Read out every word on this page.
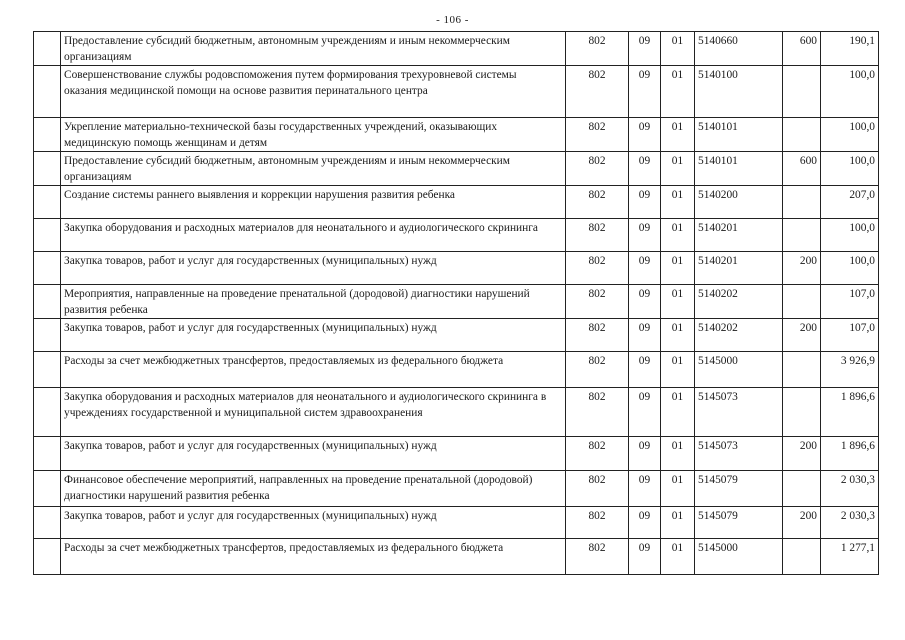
- 106 -
	Предоставление субсидий бюджетным, автономным учреждениям и иным некоммерческим организациям	802	09	01	5140660	600	190,1
	Совершенствование службы родовспоможения путем формирования трехуровневой системы оказания медицинской помощи на основе развития перинатального центра	802	09	01	5140100		100,0
	Укрепление материально-технической базы государственных учреждений, оказывающих медицинскую помощь женщинам и детям	802	09	01	5140101		100,0
	Предоставление субсидий бюджетным, автономным учреждениям и иным некоммерческим организациям	802	09	01	5140101	600	100,0
	Создание системы раннего выявления и коррекции нарушения развития ребенка	802	09	01	5140200		207,0
	Закупка оборудования и расходных материалов для неонатального и аудиологического скрининга	802	09	01	5140201		100,0
	Закупка товаров, работ и услуг для государственных (муниципальных) нужд	802	09	01	5140201	200	100,0
	Мероприятия, направленные на проведение пренатальной (дородовой) диагностики нарушений развития ребенка	802	09	01	5140202		107,0
	Закупка товаров, работ и услуг для государственных (муниципальных) нужд	802	09	01	5140202	200	107,0
	Расходы за счет межбюджетных трансфертов, предоставляемых из федерального бюджета	802	09	01	5145000		3 926,9
	Закупка оборудования и расходных материалов для неонатального и аудиологического скрининга в учреждениях государственной и муниципальной систем здравоохранения	802	09	01	5145073		1 896,6
	Закупка товаров, работ и услуг для государственных (муниципальных) нужд	802	09	01	5145073	200	1 896,6
	Финансовое обеспечение мероприятий, направленных на проведение пренатальной (дородовой) диагностики нарушений развития ребенка	802	09	01	5145079		2 030,3
	Закупка товаров, работ и услуг для государственных (муниципальных) нужд	802	09	01	5145079	200	2 030,3
	Расходы за счет межбюджетных трансфертов, предоставляемых из федерального бюджета	802	09	01	5145000		1 277,1
